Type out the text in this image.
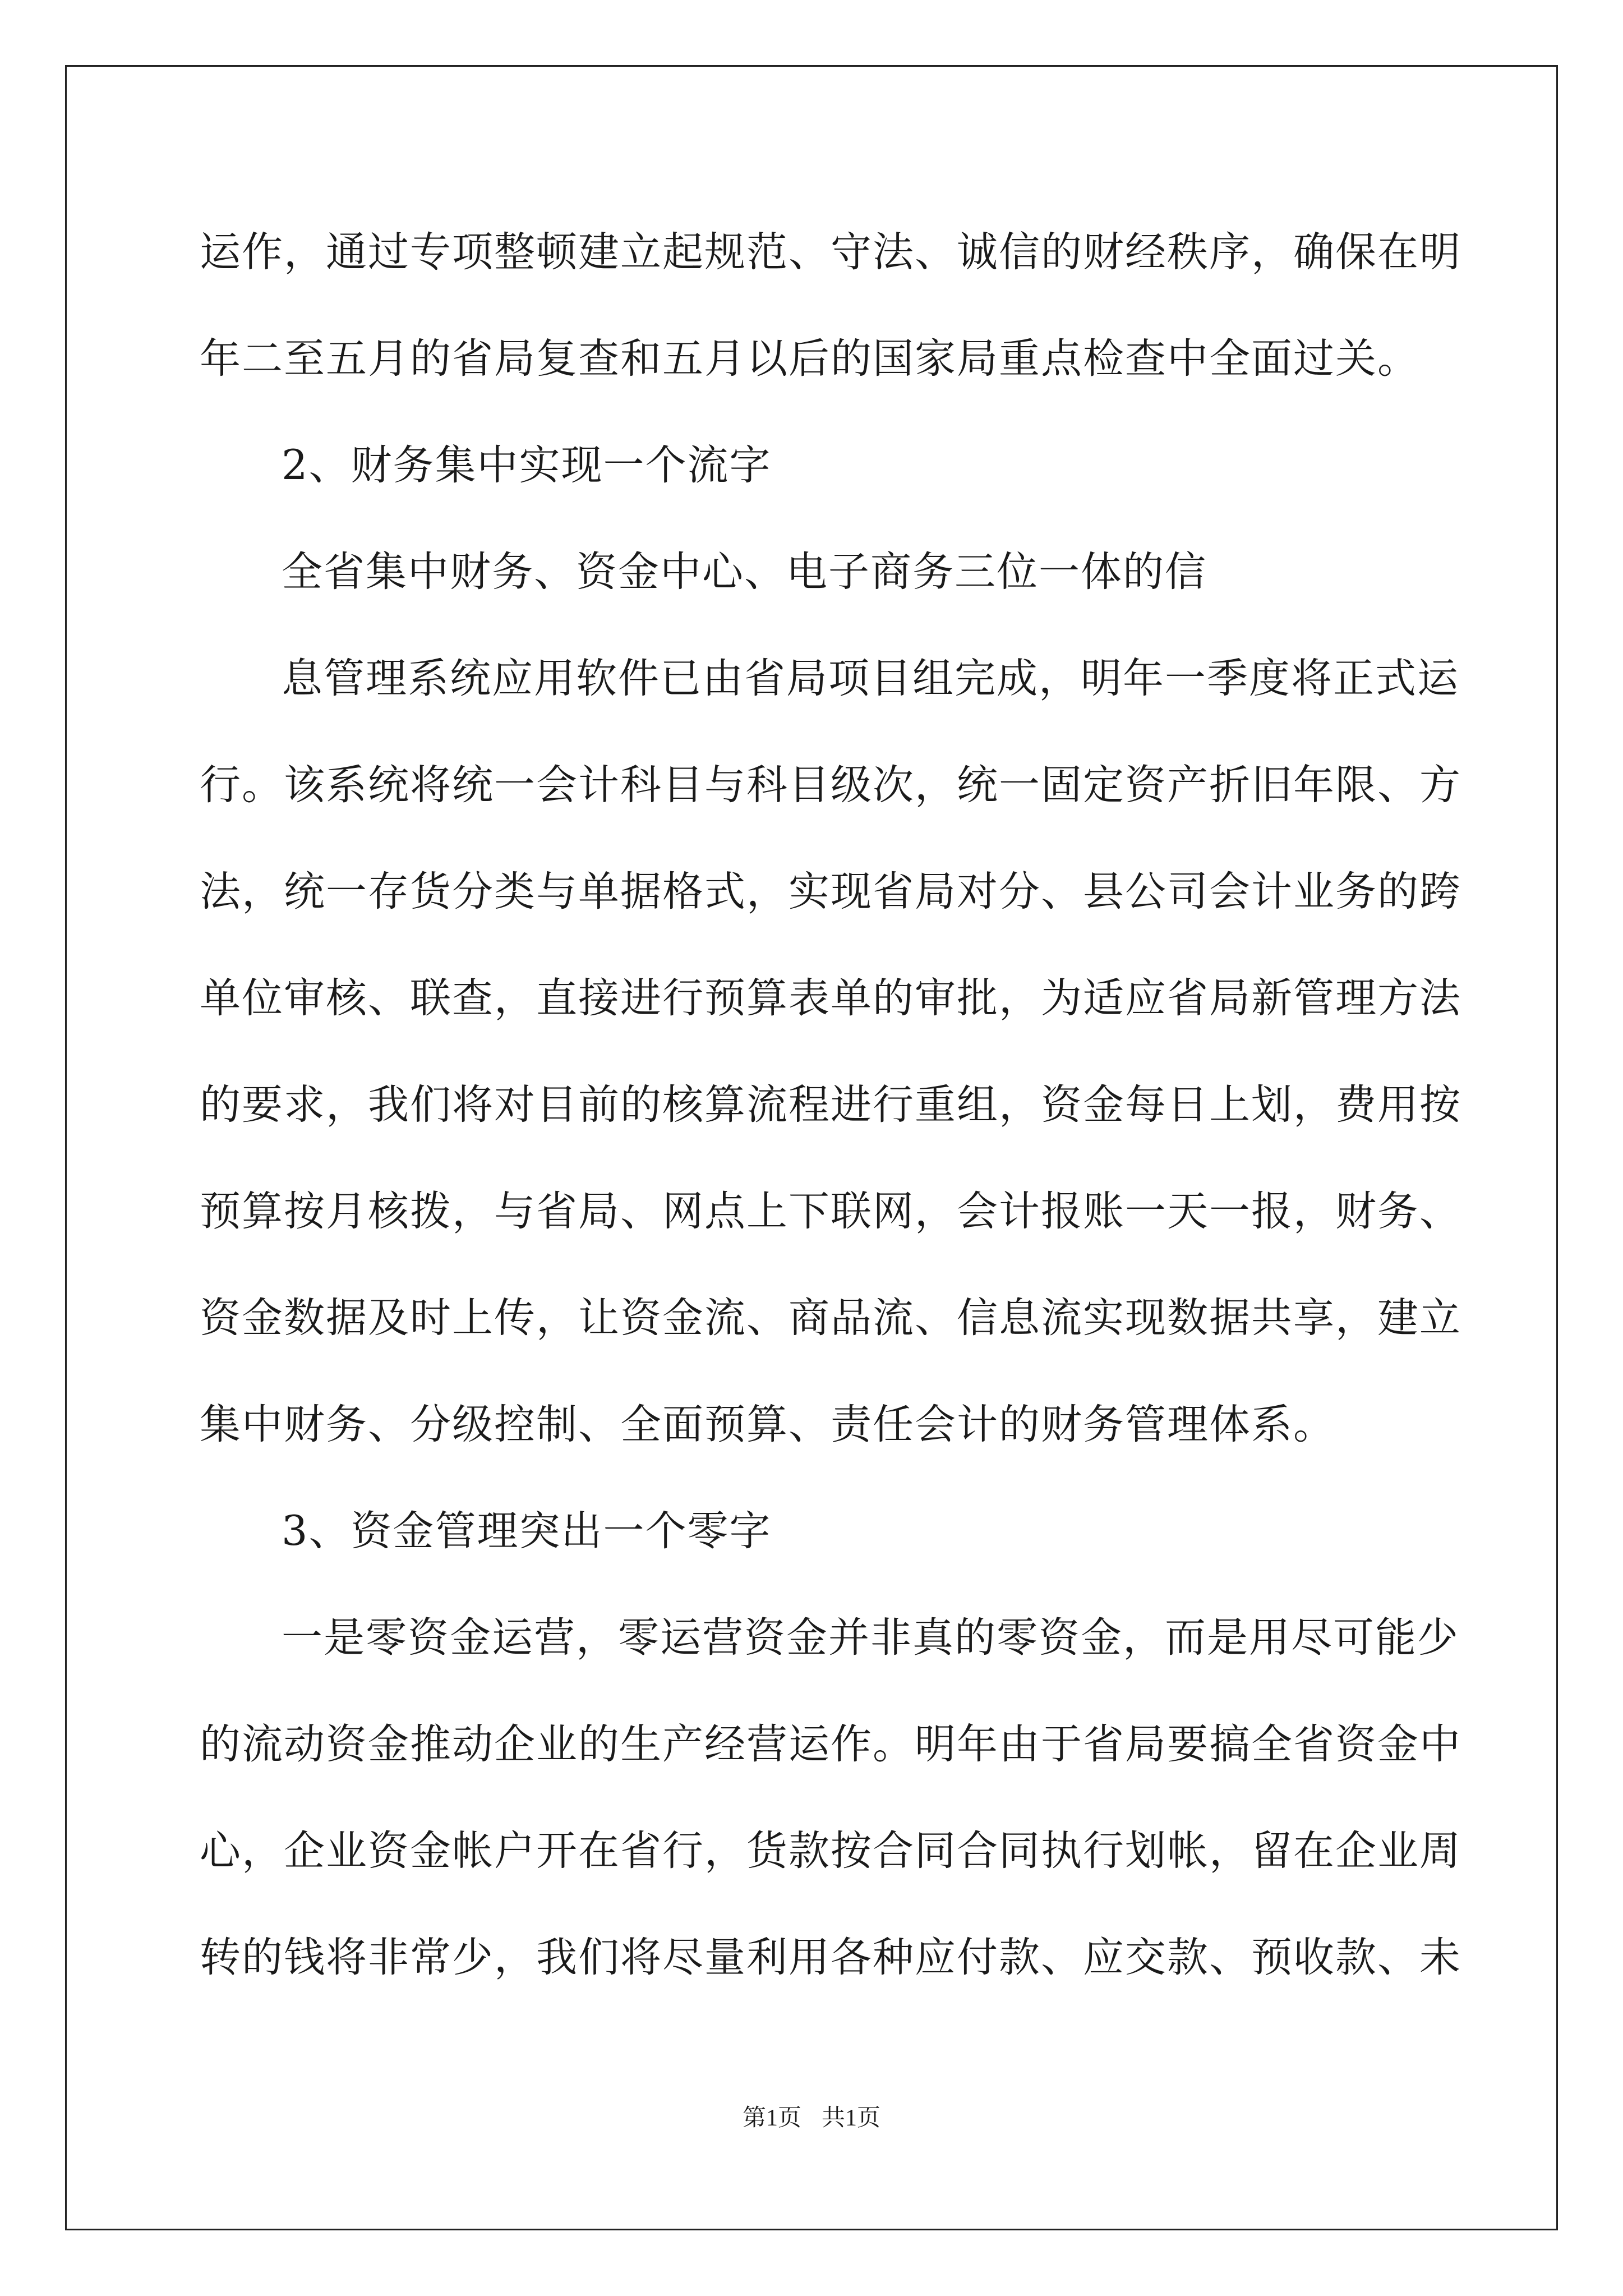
运作，通过专项整顿建立起规范、守法、诚信的财经秩序，确保在明
年二至五月的省局复查和五月以后的国家局重点检查中全面过关。
2、财务集中实现一个流字
全省集中财务、资金中心、电子商务三位一体的信
息管理系统应用软件已由省局项目组完成，明年一季度将正式运
行。该系统将统一会计科目与科目级次，统一固定资产折旧年限、方
法，统一存货分类与单据格式，实现省局对分、县公司会计业务的跨
单位审核、联查，直接进行预算表单的审批，为适应省局新管理方法
的要求，我们将对目前的核算流程进行重组，资金每日上划，费用按
预算按月核拨，与省局、网点上下联网，会计报账一天一报，财务、
资金数据及时上传，让资金流、商品流、信息流实现数据共享，建立
集中财务、分级控制、全面预算、责任会计的财务管理体系。
3、资金管理突出一个零字
一是零资金运营，零运营资金并非真的零资金，而是用尽可能少
的流动资金推动企业的生产经营运作。明年由于省局要搞全省资金中
心，企业资金帐户开在省行，货款按合同合同执行划帐，留在企业周
转的钱将非常少，我们将尽量利用各种应付款、应交款、预收款、未
第1页 共1页
